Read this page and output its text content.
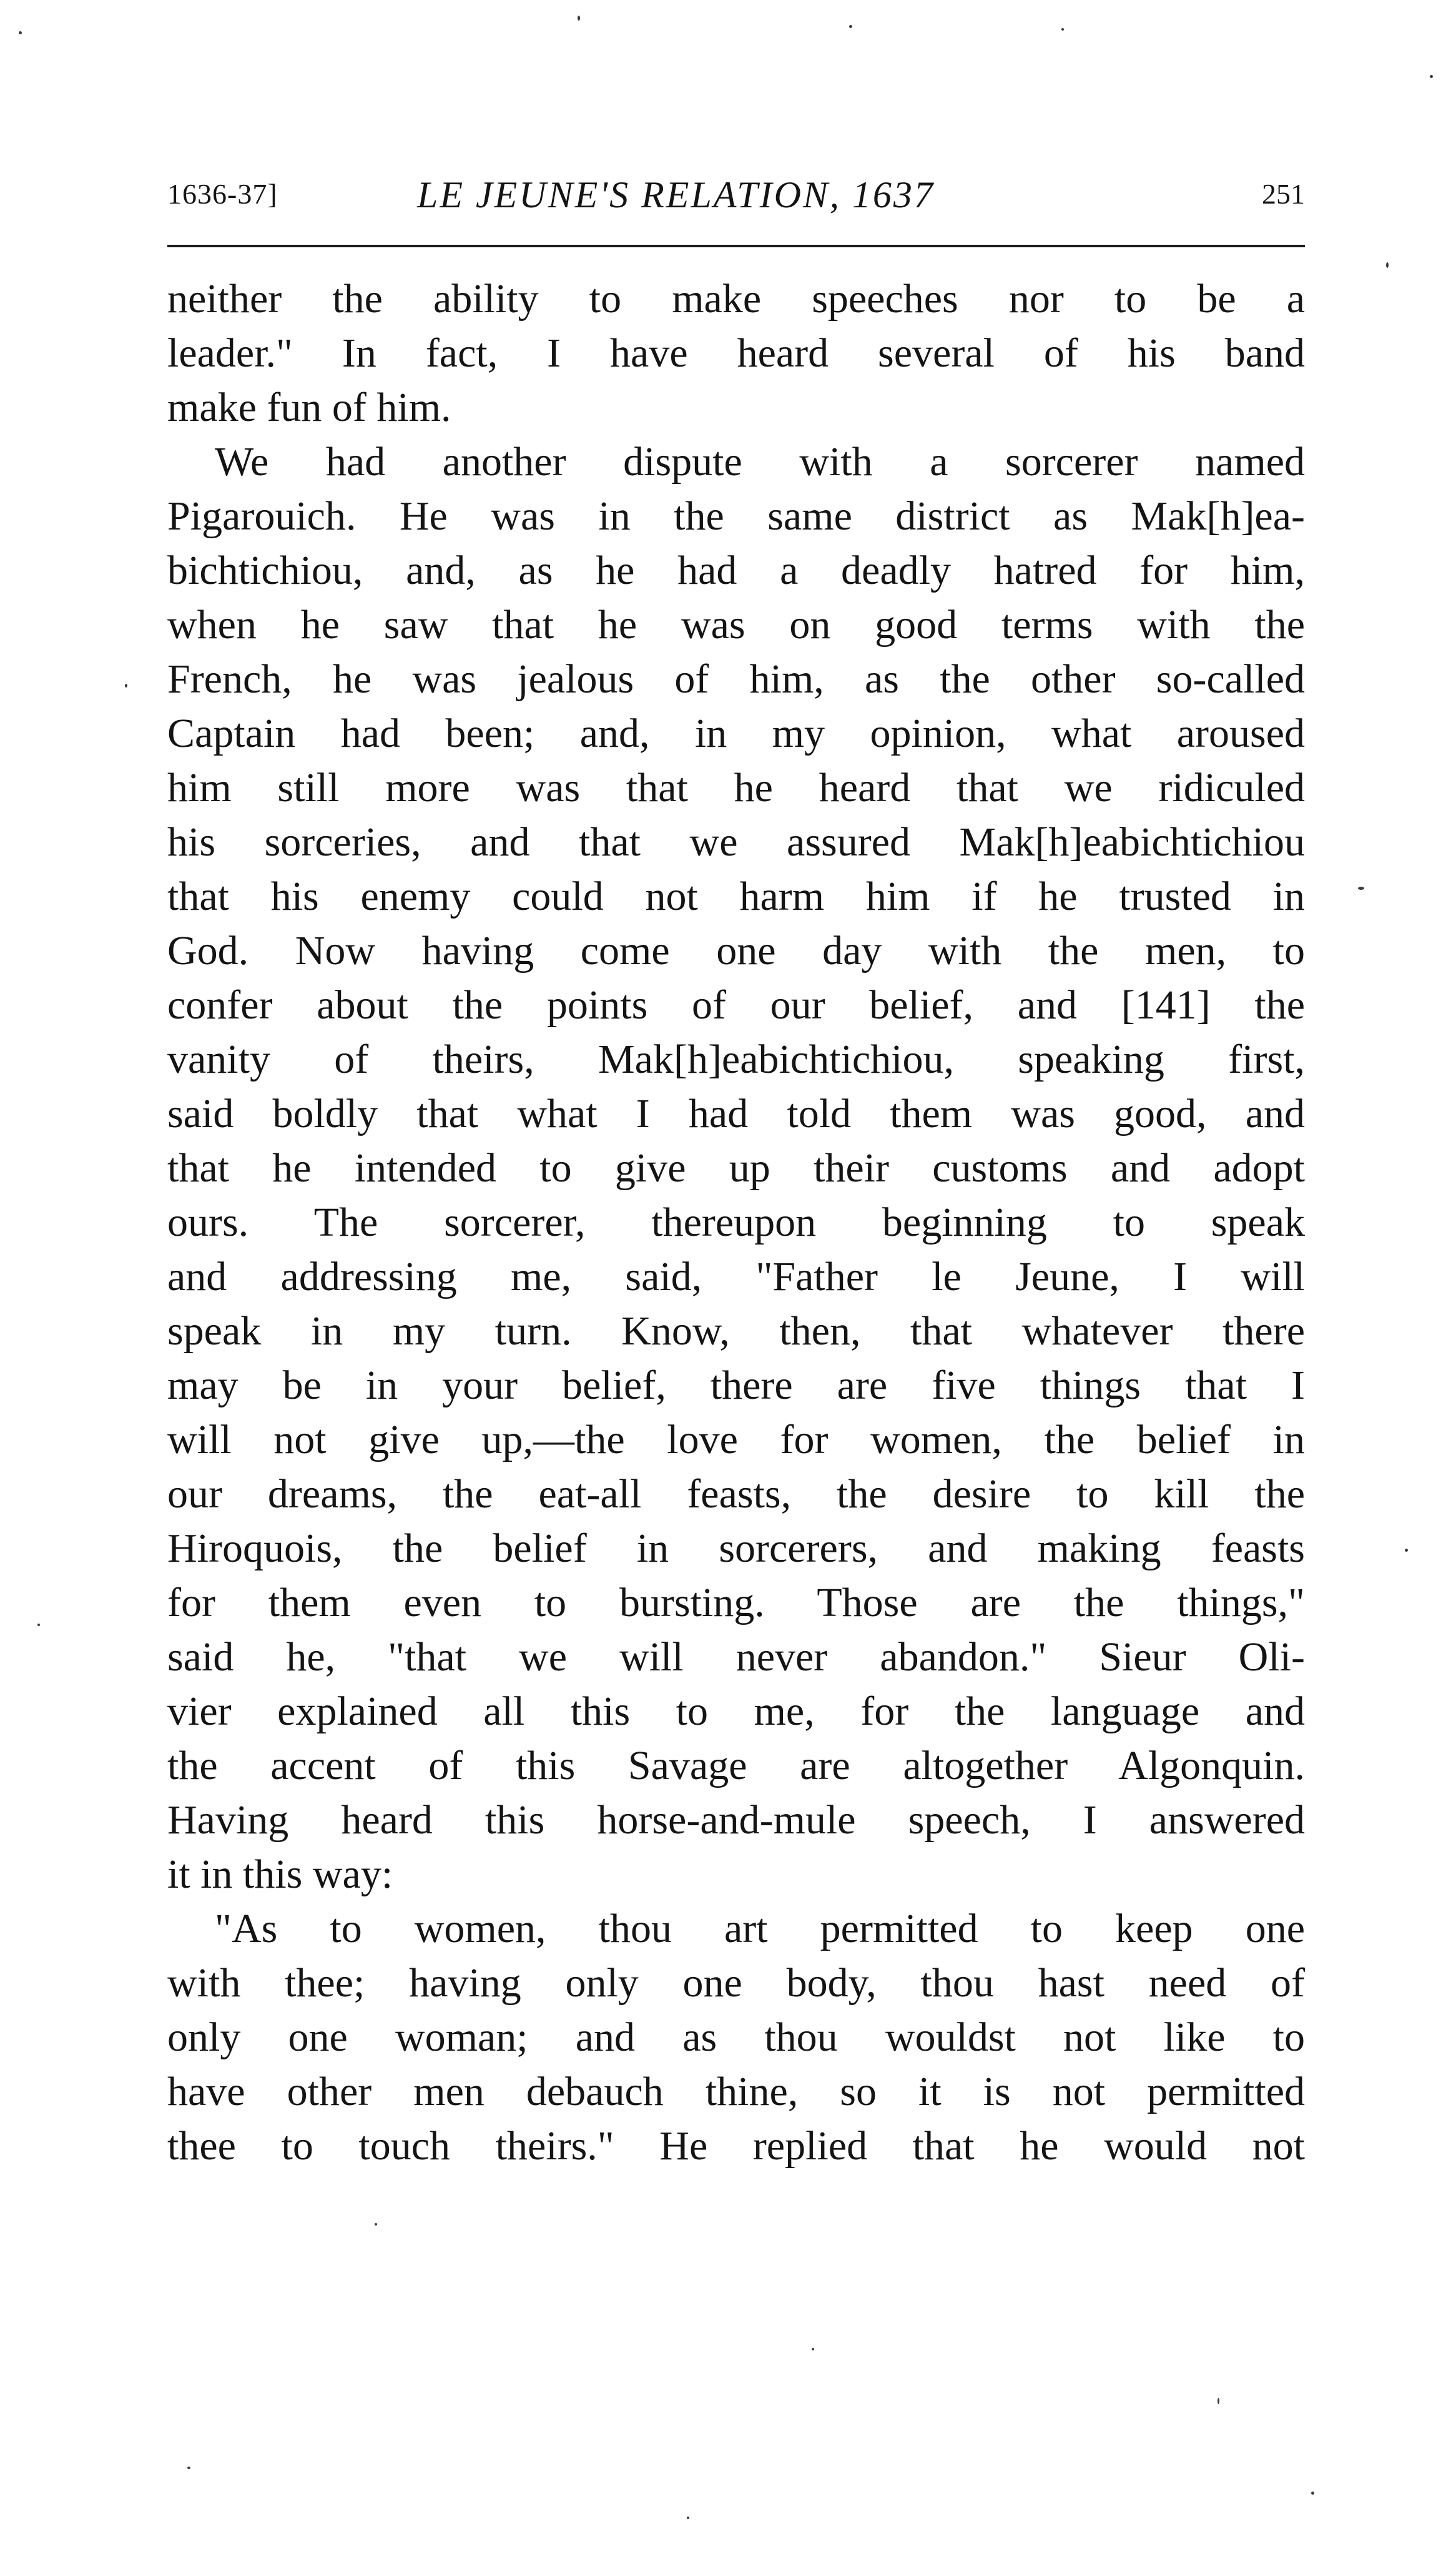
1636-37]	LE JEUNE'S RELATION, 1637	251
neither the ability to make speeches nor to be a
leader." In fact, I have heard several of his band
make fun of him.
We had another dispute with a sorcerer named
Pigarouich. He was in the same district as Mak[h]ea-
bichtichiou, and, as he had a deadly hatred for him,
when he saw that he was on good terms with the
French, he was jealous of him, as the other so-called
Captain had been; and, in my opinion, what aroused
him still more was that he heard that we ridiculed
his sorceries, and that we assured Mak[h]eabichtichiou
that his enemy could not harm him if he trusted in
God. Now having come one day with the men, to
confer about the points of our belief, and [141] the
vanity of theirs, Mak[h]eabichtichiou, speaking first,
said boldly that what I had told them was good, and
that he intended to give up their customs and adopt
ours. The sorcerer, thereupon beginning to speak
and addressing me, said, "Father le Jeune, I will
speak in my turn. Know, then, that whatever there
may be in your belief, there are five things that I
will not give up,—the love for women, the belief in
our dreams, the eat-all feasts, the desire to kill the
Hiroquois, the belief in sorcerers, and making feasts
for them even to bursting. Those are the things,"
said he, "that we will never abandon." Sieur Oli-
vier explained all this to me, for the language and
the accent of this Savage are altogether Algonquin.
Having heard this horse-and-mule speech, I answered
it in this way:
"As to women, thou art permitted to keep one
with thee; having only one body, thou hast need of
only one woman; and as thou wouldst not like to
have other men debauch thine, so it is not permitted
thee to touch theirs." He replied that he would not
